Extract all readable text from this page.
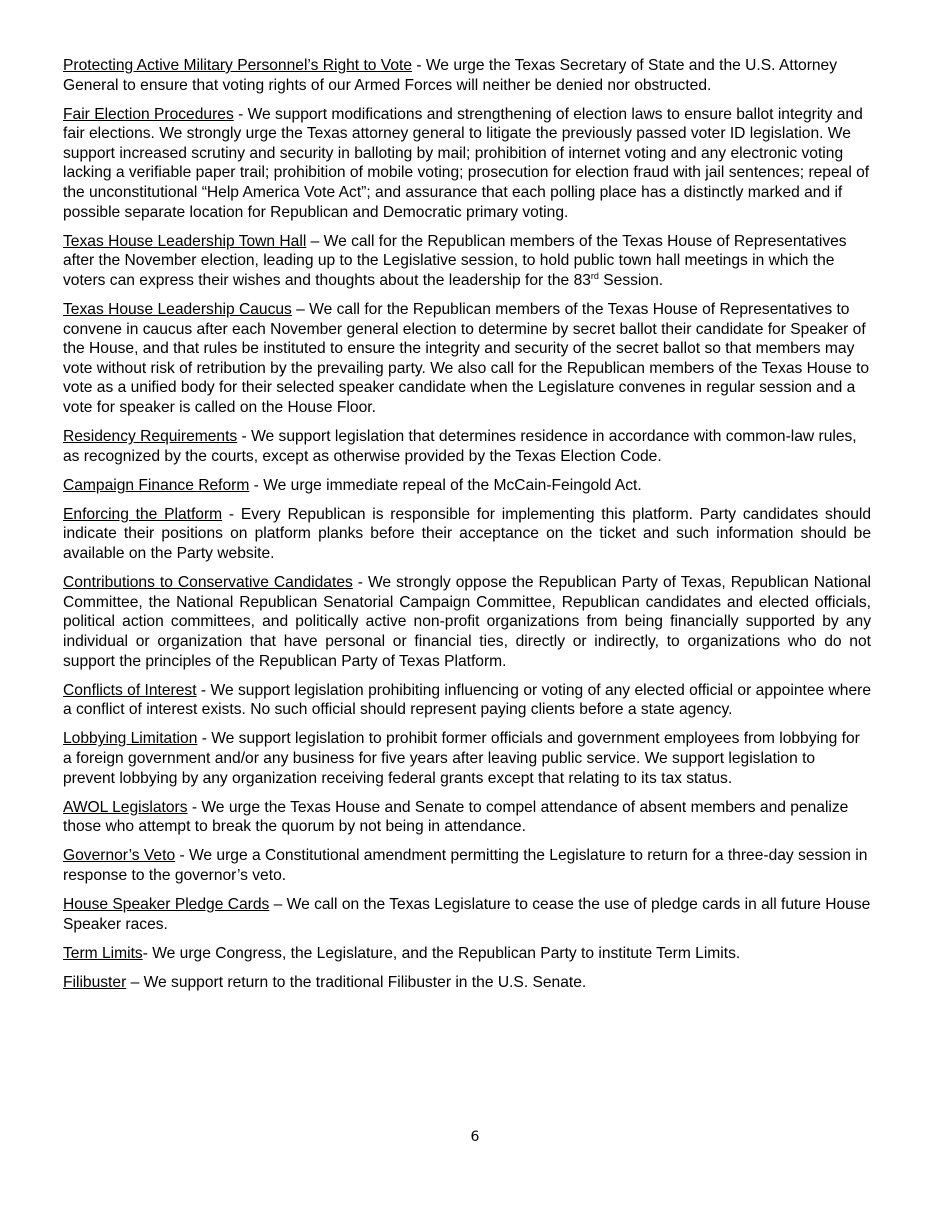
Protecting Active Military Personnel’s Right to Vote - We urge the Texas Secretary of State and the U.S. Attorney General to ensure that voting rights of our Armed Forces will neither be denied nor obstructed.

Fair Election Procedures - We support modifications and strengthening of election laws to ensure ballot integrity and fair elections. We strongly urge the Texas attorney general to litigate the previously passed voter ID legislation. We support increased scrutiny and security in balloting by mail; prohibition of internet voting and any electronic voting lacking a verifiable paper trail; prohibition of mobile voting; prosecution for election fraud with jail sentences; repeal of the unconstitutional “Help America Vote Act”; and assurance that each polling place has a distinctly marked and if possible separate location for Republican and Democratic primary voting.

Texas House Leadership Town Hall – We call for the Republican members of the Texas House of Representatives after the November election, leading up to the Legislative session, to hold public town hall meetings in which the voters can express their wishes and thoughts about the leadership for the 83rd Session.

Texas House Leadership Caucus – We call for the Republican members of the Texas House of Representatives to convene in caucus after each November general election to determine by secret ballot their candidate for Speaker of the House, and that rules be instituted to ensure the integrity and security of the secret ballot so that members may vote without risk of retribution by the prevailing party. We also call for the Republican members of the Texas House to vote as a unified body for their selected speaker candidate when the Legislature convenes in regular session and a vote for speaker is called on the House Floor.

Residency Requirements - We support legislation that determines residence in accordance with common-law rules, as recognized by the courts, except as otherwise provided by the Texas Election Code.

Campaign Finance Reform - We urge immediate repeal of the McCain-Feingold Act.

Enforcing the Platform - Every Republican is responsible for implementing this platform. Party candidates should indicate their positions on platform planks before their acceptance on the ticket and such information should be available on the Party website.

Contributions to Conservative Candidates - We strongly oppose the Republican Party of Texas, Republican National Committee, the National Republican Senatorial Campaign Committee, Republican candidates and elected officials, political action committees, and politically active non-profit organizations from being financially supported by any individual or organization that have personal or financial ties, directly or indirectly, to organizations who do not support the principles of the Republican Party of Texas Platform.

Conflicts of Interest - We support legislation prohibiting influencing or voting of any elected official or appointee where a conflict of interest exists. No such official should represent paying clients before a state agency.

Lobbying Limitation - We support legislation to prohibit former officials and government employees from lobbying for a foreign government and/or any business for five years after leaving public service. We support legislation to prevent lobbying by any organization receiving federal grants except that relating to its tax status.

AWOL Legislators - We urge the Texas House and Senate to compel attendance of absent members and penalize those who attempt to break the quorum by not being in attendance.

Governor’s Veto - We urge a Constitutional amendment permitting the Legislature to return for a three-day session in response to the governor’s veto.

House Speaker Pledge Cards – We call on the Texas Legislature to cease the use of pledge cards in all future House Speaker races.

Term Limits- We urge Congress, the Legislature, and the Republican Party to institute Term Limits.

Filibuster – We support return to the traditional Filibuster in the U.S. Senate.

6
